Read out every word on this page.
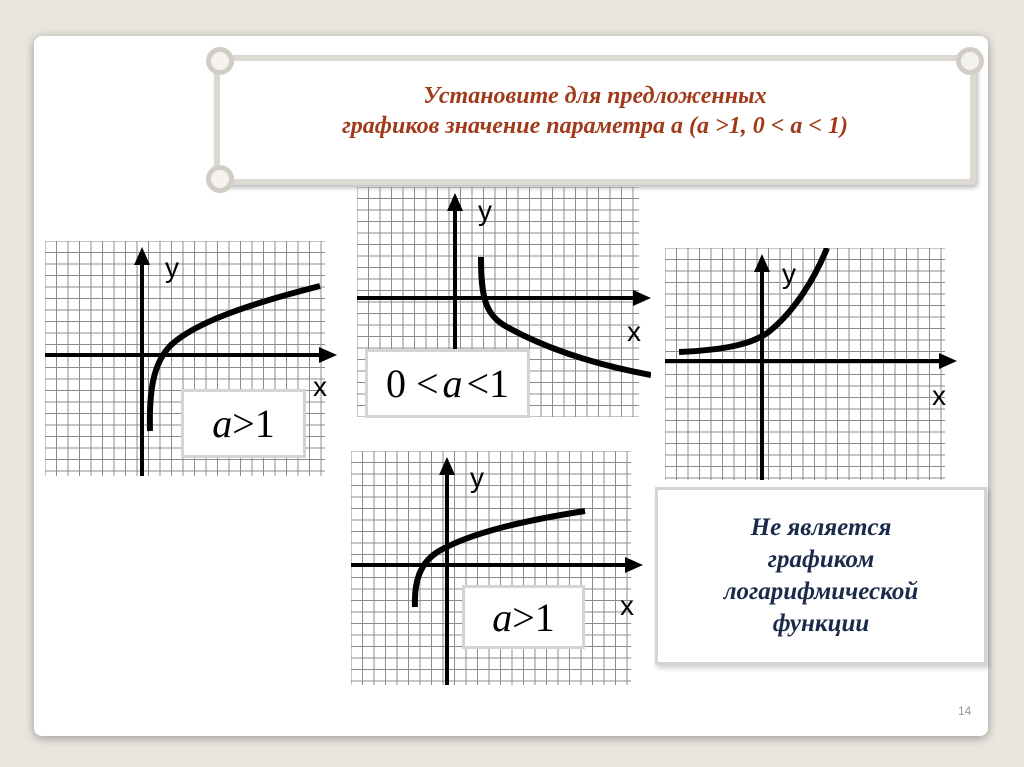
Установите для предложенных
графиков значение параметра а (а >1, 0 < а < 1)
y
x
a >1
y
x
0 < a <1
y
x
y
x
a >1
Не является
графиком
логарифмической
функции
14
